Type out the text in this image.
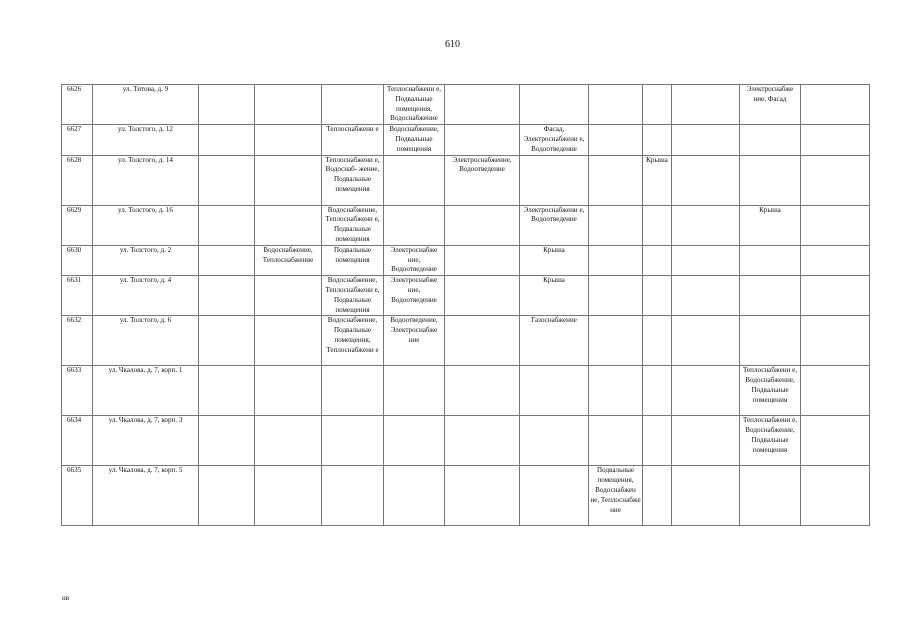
610
6626	ул. Титова, д. 9				Теплоснабжени е, Подвальные помещения, Водоснабжение						Электроснабже ние, Фасад	
6627	ул. Толстого, д. 12			Теплоснабжени е	Водоснабжение, Подвальные помещения		Фасад, Электроснабжени е, Водоотведение					
6628	ул. Толстого, д. 14			Теплоснабжени е, Водоснаб- жение, Подвальные помещения		Электроснабжение, Водоотведение			Крыша			
6629	ул. Толстого, д. 16			Водоснабжение, Теплоснабжени е, Подвальные помещения			Электроснабжени е, Водоотведение				Крыша	
6630	ул. Толстого, д. 2		Водоснабжение, Теплоснабжение	Подвальные помещения	Электроснабже ние, Водоотведение		Крыша					
6631	ул. Толстого, д. 4			Водоснабжение, Теплоснабжени е, Подвальные помещения	Электроснабже ние, Водоотведение		Крыша					
6632	ул. Толстого, д. 6			Водоснабжение, Подвальные помещения, Теплоснабжени е	Водоотведение, Электроснабже ние		Газоснабжение					
6633	ул. Чкалова, д. 7, корп. 1										Теплоснабжени е, Водоснабжение, Подвальные помещения	
6634	ул. Чкалова, д. 7, корп. 3										Теплоснабжени е, Водоснабжение, Подвальные помещения	
6635	ул. Чкалова, д. 7, корп. 5							Подвальные помещения, Водоснабжен ие, Теплоснабже ние				
нв
